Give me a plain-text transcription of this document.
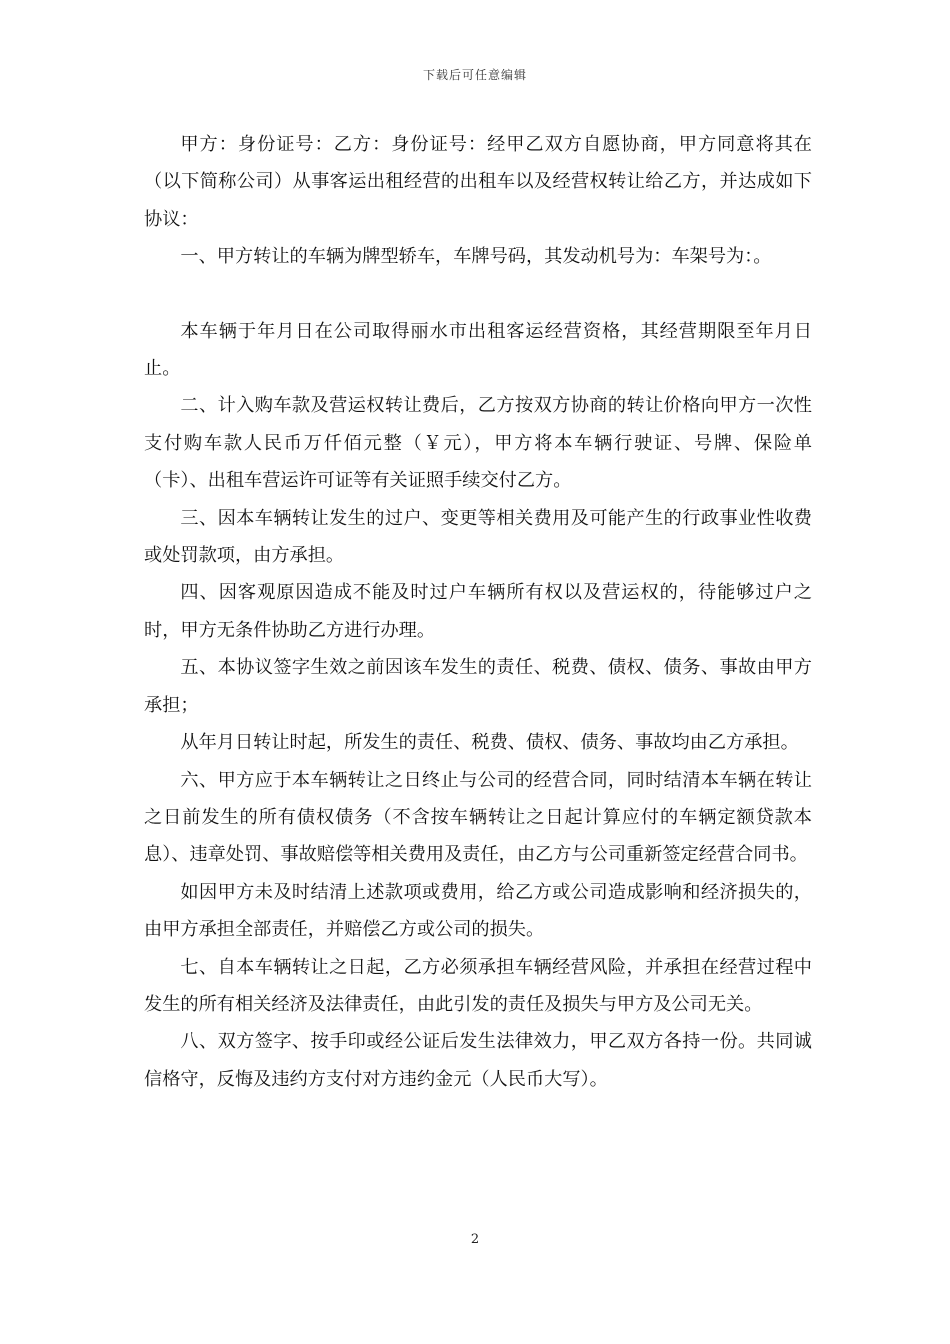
下载后可任意编辑

甲方：身份证号：乙方：身份证号：经甲乙双方自愿协商，甲方同意将其在（以下简称公司）从事客运出租经营的出租车以及经营权转让给乙方，并达成如下协议：

一、甲方转让的车辆为牌型轿车，车牌号码，其发动机号为：车架号为：。

本车辆于年月日在公司取得丽水市出租客运经营资格，其经营期限至年月日止。

二、计入购车款及营运权转让费后，乙方按双方协商的转让价格向甲方一次性支付购车款人民币万仟佰元整（￥元），甲方将本车辆行驶证、号牌、保险单（卡）、出租车营运许可证等有关证照手续交付乙方。

三、因本车辆转让发生的过户、变更等相关费用及可能产生的行政事业性收费或处罚款项，由方承担。

四、因客观原因造成不能及时过户车辆所有权以及营运权的，待能够过户之时，甲方无条件协助乙方进行办理。

五、本协议签字生效之前因该车发生的责任、税费、债权、债务、事故由甲方承担；

从年月日转让时起，所发生的责任、税费、债权、债务、事故均由乙方承担。

六、甲方应于本车辆转让之日终止与公司的经营合同，同时结清本车辆在转让之日前发生的所有债权债务（不含按车辆转让之日起计算应付的车辆定额贷款本息）、违章处罚、事故赔偿等相关费用及责任，由乙方与公司重新签定经营合同书。

如因甲方未及时结清上述款项或费用，给乙方或公司造成影响和经济损失的，由甲方承担全部责任，并赔偿乙方或公司的损失。

七、自本车辆转让之日起，乙方必须承担车辆经营风险，并承担在经营过程中发生的所有相关经济及法律责任，由此引发的责任及损失与甲方及公司无关。

八、双方签字、按手印或经公证后发生法律效力，甲乙双方各持一份。共同诚信格守，反悔及违约方支付对方违约金元（人民币大写）。

2
